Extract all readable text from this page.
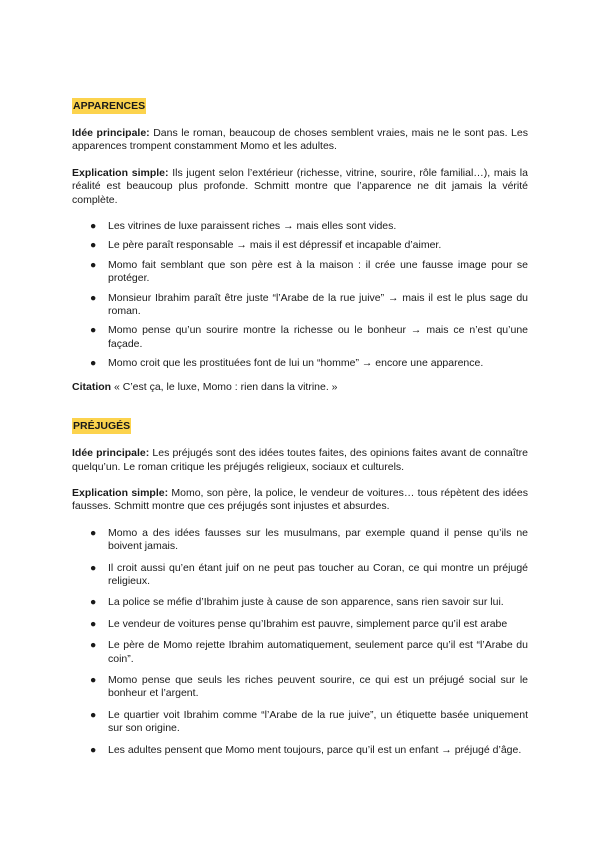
APPARENCES

Idée principale: Dans le roman, beaucoup de choses semblent vraies, mais ne le sont pas. Les apparences trompent constamment Momo et les adultes.

Explication simple: Ils jugent selon l’extérieur (richesse, vitrine, sourire, rôle familial…), mais la réalité est beaucoup plus profonde. Schmitt montre que l’apparence ne dit jamais la vérité complète.

● Les vitrines de luxe paraissent riches → mais elles sont vides.
● Le père paraît responsable → mais il est dépressif et incapable d’aimer.
● Momo fait semblant que son père est à la maison : il crée une fausse image pour se protéger.
● Monsieur Ibrahim paraît être juste “l’Arabe de la rue juive” → mais il est le plus sage du roman.
● Momo pense qu’un sourire montre la richesse ou le bonheur → mais ce n’est qu’une façade.
● Momo croit que les prostituées font de lui un “homme” → encore une apparence.

Citation « C’est ça, le luxe, Momo : rien dans la vitrine. »

PRÉJUGÉS

Idée principale: Les préjugés sont des idées toutes faites, des opinions faites avant de connaître quelqu’un. Le roman critique les préjugés religieux, sociaux et culturels.

Explication simple: Momo, son père, la police, le vendeur de voitures… tous répètent des idées fausses. Schmitt montre que ces préjugés sont injustes et absurdes.

● Momo a des idées fausses sur les musulmans, par exemple quand il pense qu’ils ne boivent jamais.
● Il croit aussi qu’en étant juif on ne peut pas toucher au Coran, ce qui montre un préjugé religieux.
● La police se méfie d’Ibrahim juste à cause de son apparence, sans rien savoir sur lui.
● Le vendeur de voitures pense qu’Ibrahim est pauvre, simplement parce qu’il est arabe
● Le père de Momo rejette Ibrahim automatiquement, seulement parce qu’il est “l’Arabe du coin”.
● Momo pense que seuls les riches peuvent sourire, ce qui est un préjugé social sur le bonheur et l’argent.
● Le quartier voit Ibrahim comme “l’Arabe de la rue juive”, un étiquette basée uniquement sur son origine.
● Les adultes pensent que Momo ment toujours, parce qu’il est un enfant → préjugé d’âge.
